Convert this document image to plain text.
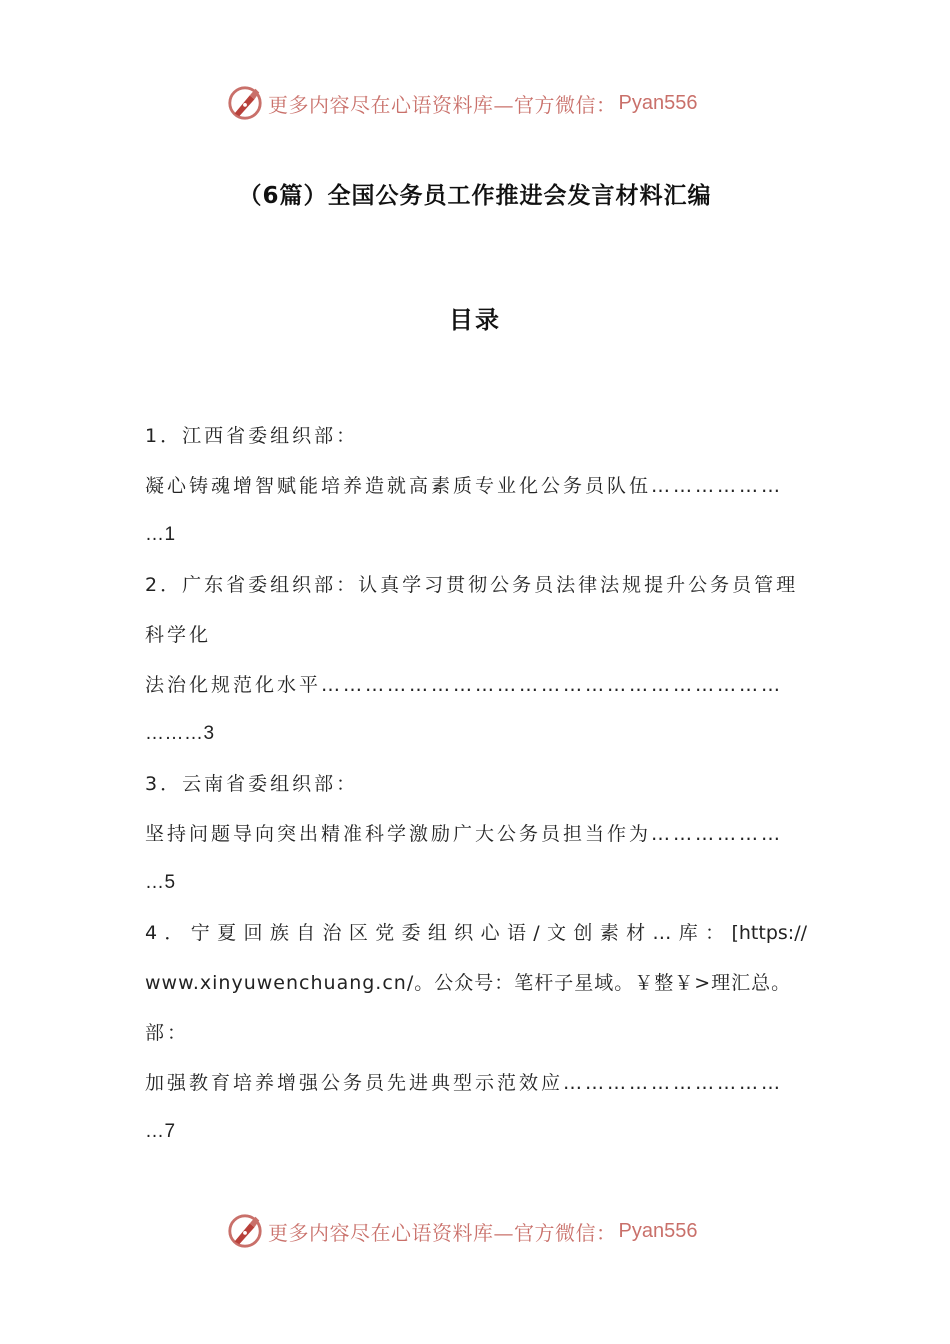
更多内容尽在心语资料库—官方微信： Pyan556
（6篇）全国公务员工作推进会发言材料汇编
目录
1．江西省委组织部：
凝心铸魂增智赋能培养造就高素质专业化公务员队伍………………
…1
2．广东省委组织部：认真学习贯彻公务员法律法规提升公务员管理
科学化
法治化规范化水平………………………………………………………
………3
3．云南省委组织部：
坚持问题导向突出精准科学激励广大公务员担当作为………………
…5
4．宁夏回族自治区党委组织心语/文创素材…库：[https://
www.xinyuwenchuang.cn/。公众号：笔杆子星域。￥整￥>理汇总。
部：
加强教育培养增强公务员先进典型示范效应…………………………
…7
更多内容尽在心语资料库—官方微信： Pyan556
